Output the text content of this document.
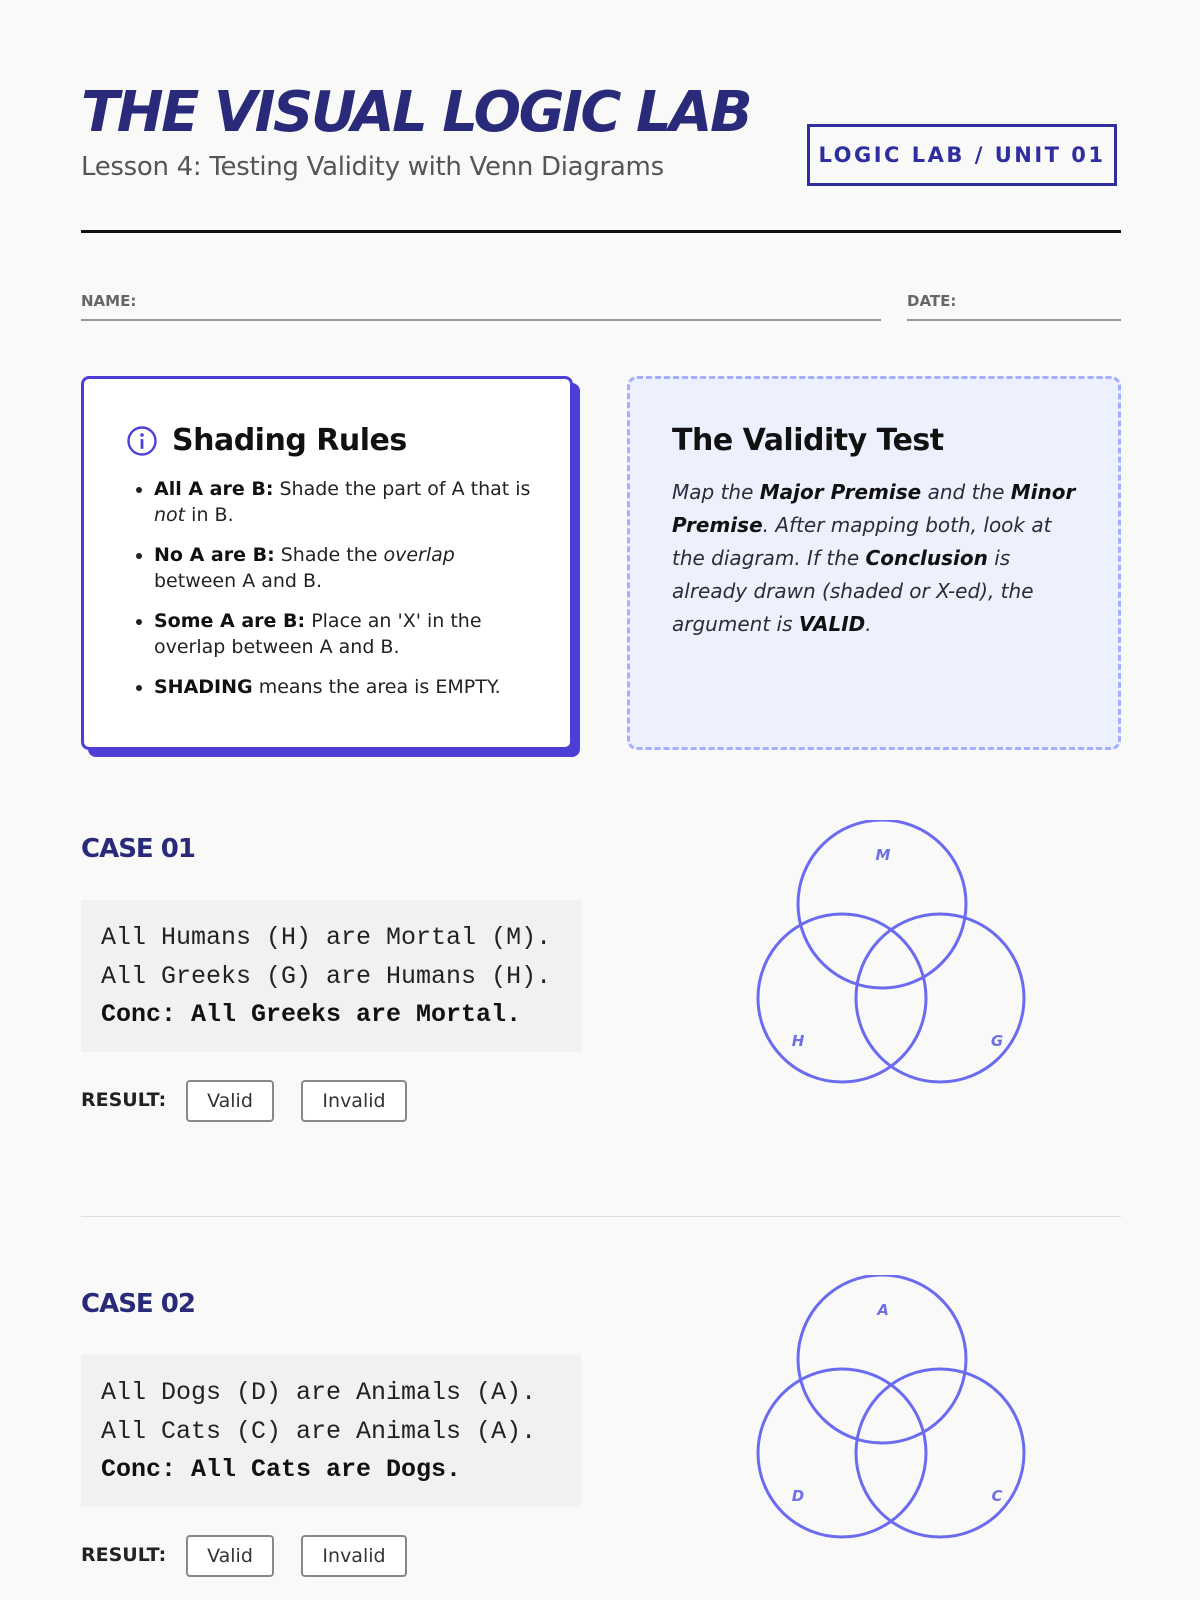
THE VISUAL LOGIC LAB
Lesson 4: Testing Validity with Venn Diagrams	LOGIC LAB / UNIT 01
NAME:	DATE:
Shading Rules
• All A are B: Shade the part of A that is not in B.
• No A are B: Shade the overlap between A and B.
• Some A are B: Place an 'X' in the overlap between A and B.
• SHADING means the area is EMPTY.
The Validity Test
Map the Major Premise and the Minor Premise. After mapping both, look at the diagram. If the Conclusion is already drawn (shaded or X-ed), the argument is VALID.
CASE 01
All Humans (H) are Mortal (M).
All Greeks (G) are Humans (H).
Conc: All Greeks are Mortal.
RESULT:	Valid	Invalid
M
H	G
CASE 02
All Dogs (D) are Animals (A).
All Cats (C) are Animals (A).
Conc: All Cats are Dogs.
RESULT:	Valid	Invalid
A
D	C
